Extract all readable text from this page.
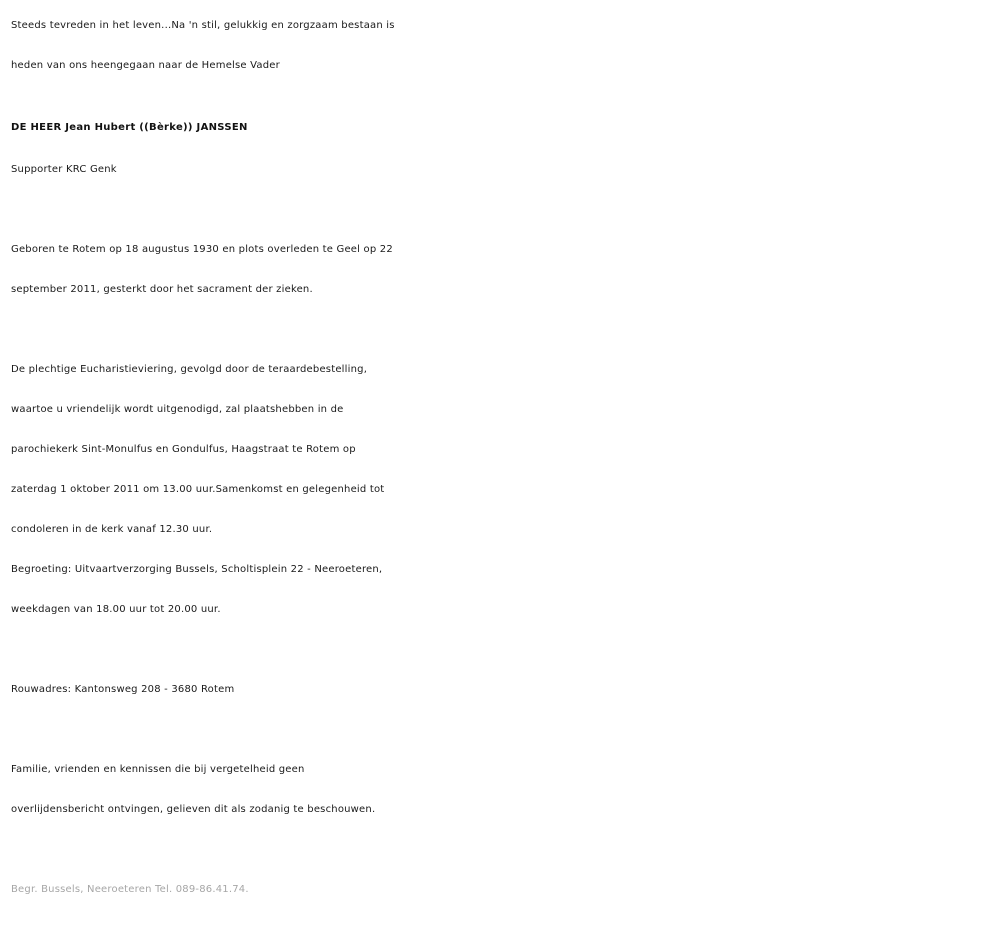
Steeds tevreden in het leven...Na 'n stil, gelukkig en zorgzaam bestaan is

heden van ons heengegaan naar de Hemelse Vader

DE HEER Jean Hubert ((Bèrke)) JANSSEN

Supporter KRC Genk

Geboren te Rotem op 18 augustus 1930 en plots overleden te Geel op 22

september 2011, gesterkt door het sacrament der zieken.

De plechtige Eucharistieviering, gevolgd door de teraardebestelling,

waartoe u vriendelijk wordt uitgenodigd, zal plaatshebben in de

parochiekerk Sint-Monulfus en Gondulfus, Haagstraat te Rotem op

zaterdag 1 oktober 2011 om 13.00 uur.Samenkomst en gelegenheid tot

condoleren in de kerk vanaf 12.30 uur.

Begroeting: Uitvaartverzorging Bussels, Scholtisplein 22 - Neeroeteren,

weekdagen van 18.00 uur tot 20.00 uur.

Rouwadres: Kantonsweg 208 - 3680 Rotem

Familie, vrienden en kennissen die bij vergetelheid geen

overlijdensbericht ontvingen, gelieven dit als zodanig te beschouwen.

Begr. Bussels, Neeroeteren Tel. 089-86.41.74.
